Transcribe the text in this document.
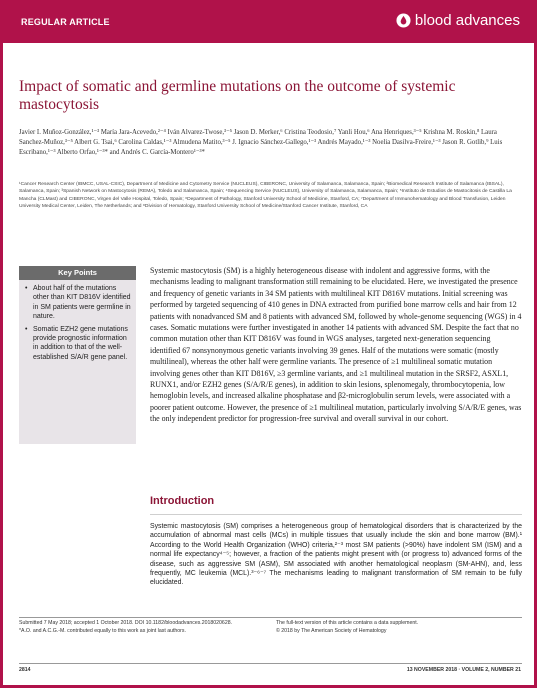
REGULAR ARTICLE	blood advances
Impact of somatic and germline mutations on the outcome of systemic mastocytosis
Javier I. Muñoz-González,¹⁻³ María Jara-Acevedo,²⁻⁴ Iván Alvarez-Twose,³⁻⁵ Jason D. Merker,⁶ Cristina Teodosio,⁷ Yanli Hou,⁶ Ana Henriques,³⁻⁵ Krishna M. Roskin,⁸ Laura Sanchez-Muñoz,³⁻⁵ Albert G. Tsai,⁶ Carolina Caldas,¹⁻³ Almudena Matito,³⁻⁵ J. Ignacio Sánchez-Gallego,¹⁻³ Andrés Mayado,¹⁻³ Noelia Dasilva-Freire,¹⁻³ Jason R. Gotlib,⁹ Luis Escribano,¹⁻³ Alberto Orfao,¹⁻³* and Andrés C. García-Montero¹⁻³*
¹Cancer Research Center (IBMCC, USAL-CSIC), Department of Medicine and Cytometry Service (NUCLEUS), CIBERONC, University of Salamanca, Salamanca, Spain; ²Biomedical Research Institute of Salamanca (IBSAL), Salamanca, Spain; ³Spanish Network on Mastocytosis (REMA), Toledo and Salamanca, Spain; ⁴Sequencing Service (NUCLEUS), University of Salamanca, Salamanca, Spain; ⁵Instituto de Estudios de Mastocitosis de Castilla La Mancha (CLMast) and CIBERONC, Virgen del Valle Hospital, Toledo, Spain; ⁶Department of Pathology, Stanford University School of Medicine, Stanford, CA; ⁷Department of Immunohematology and Blood Transfusion, Leiden University Medical Center, Leiden, The Netherlands; and ⁸Division of Hematology, Stanford University School of Medicine/Stanford Cancer Institute, Stanford, CA
Key Points
• About half of the mutations other than KIT D816V identified in SM patients were germline in nature.
• Somatic EZH2 gene mutations provide prognostic information in addition to that of the well-established S/A/R gene panel.
Systemic mastocytosis (SM) is a highly heterogeneous disease with indolent and aggressive forms, with the mechanisms leading to malignant transformation still remaining to be elucidated. Here, we investigated the presence and frequency of genetic variants in 34 SM patients with multilineal KIT D816V mutations. Initial screening was performed by targeted sequencing of 410 genes in DNA extracted from purified bone marrow cells and hair from 12 patients with nonadvanced SM and 8 patients with advanced SM, followed by whole-genome sequencing (WGS) in 4 cases. Somatic mutations were further investigated in another 14 patients with advanced SM. Despite the fact that no common mutation other than KIT D816V was found in WGS analyses, targeted next-generation sequencing identified 67 nonsynonymous genetic variants involving 39 genes. Half of the mutations were somatic (mostly multilineal), whereas the other half were germline variants. The presence of ≥1 multilineal somatic mutation involving genes other than KIT D816V, ≥3 germline variants, and ≥1 multilineal mutation in the SRSF2, ASXL1, RUNX1, and/or EZH2 genes (S/A/R/E genes), in addition to skin lesions, splenomegaly, thrombocytopenia, low hemoglobin levels, and increased alkaline phosphatase and β2-microglobulin serum levels, were associated with a poorer patient outcome. However, the presence of ≥1 multilineal mutation, particularly involving S/A/R/E genes, was the only independent predictor for progression-free survival and overall survival in our cohort.
Introduction
Systemic mastocytosis (SM) comprises a heterogeneous group of hematological disorders that is characterized by the accumulation of abnormal mast cells (MCs) in multiple tissues that usually include the skin and bone marrow (BM).¹ According to the World Health Organization (WHO) criteria,²⁻³ most SM patients (>90%) have indolent SM (ISM) and a normal life expectancy⁴⁻⁵; however, a fraction of the patients might present with (or progress to) advanced forms of the disease, such as aggressive SM (ASM), SM associated with another hematological neoplasm (SM-AHN), and, less frequently, MC leukemia (MCL).³⁻⁶⁻⁷ The mechanisms leading to malignant transformation of SM remain to be fully elucidated.
Submitted 7 May 2018; accepted 1 October 2018. DOI 10.1182/bloodadvances.2018020628.
*A.O. and A.C.G.-M. contributed equally to this work as joint last authors.
The full-text version of this article contains a data supplement.
© 2018 by The American Society of Hematology
2814	13 NOVEMBER 2018 · VOLUME 2, NUMBER 21
